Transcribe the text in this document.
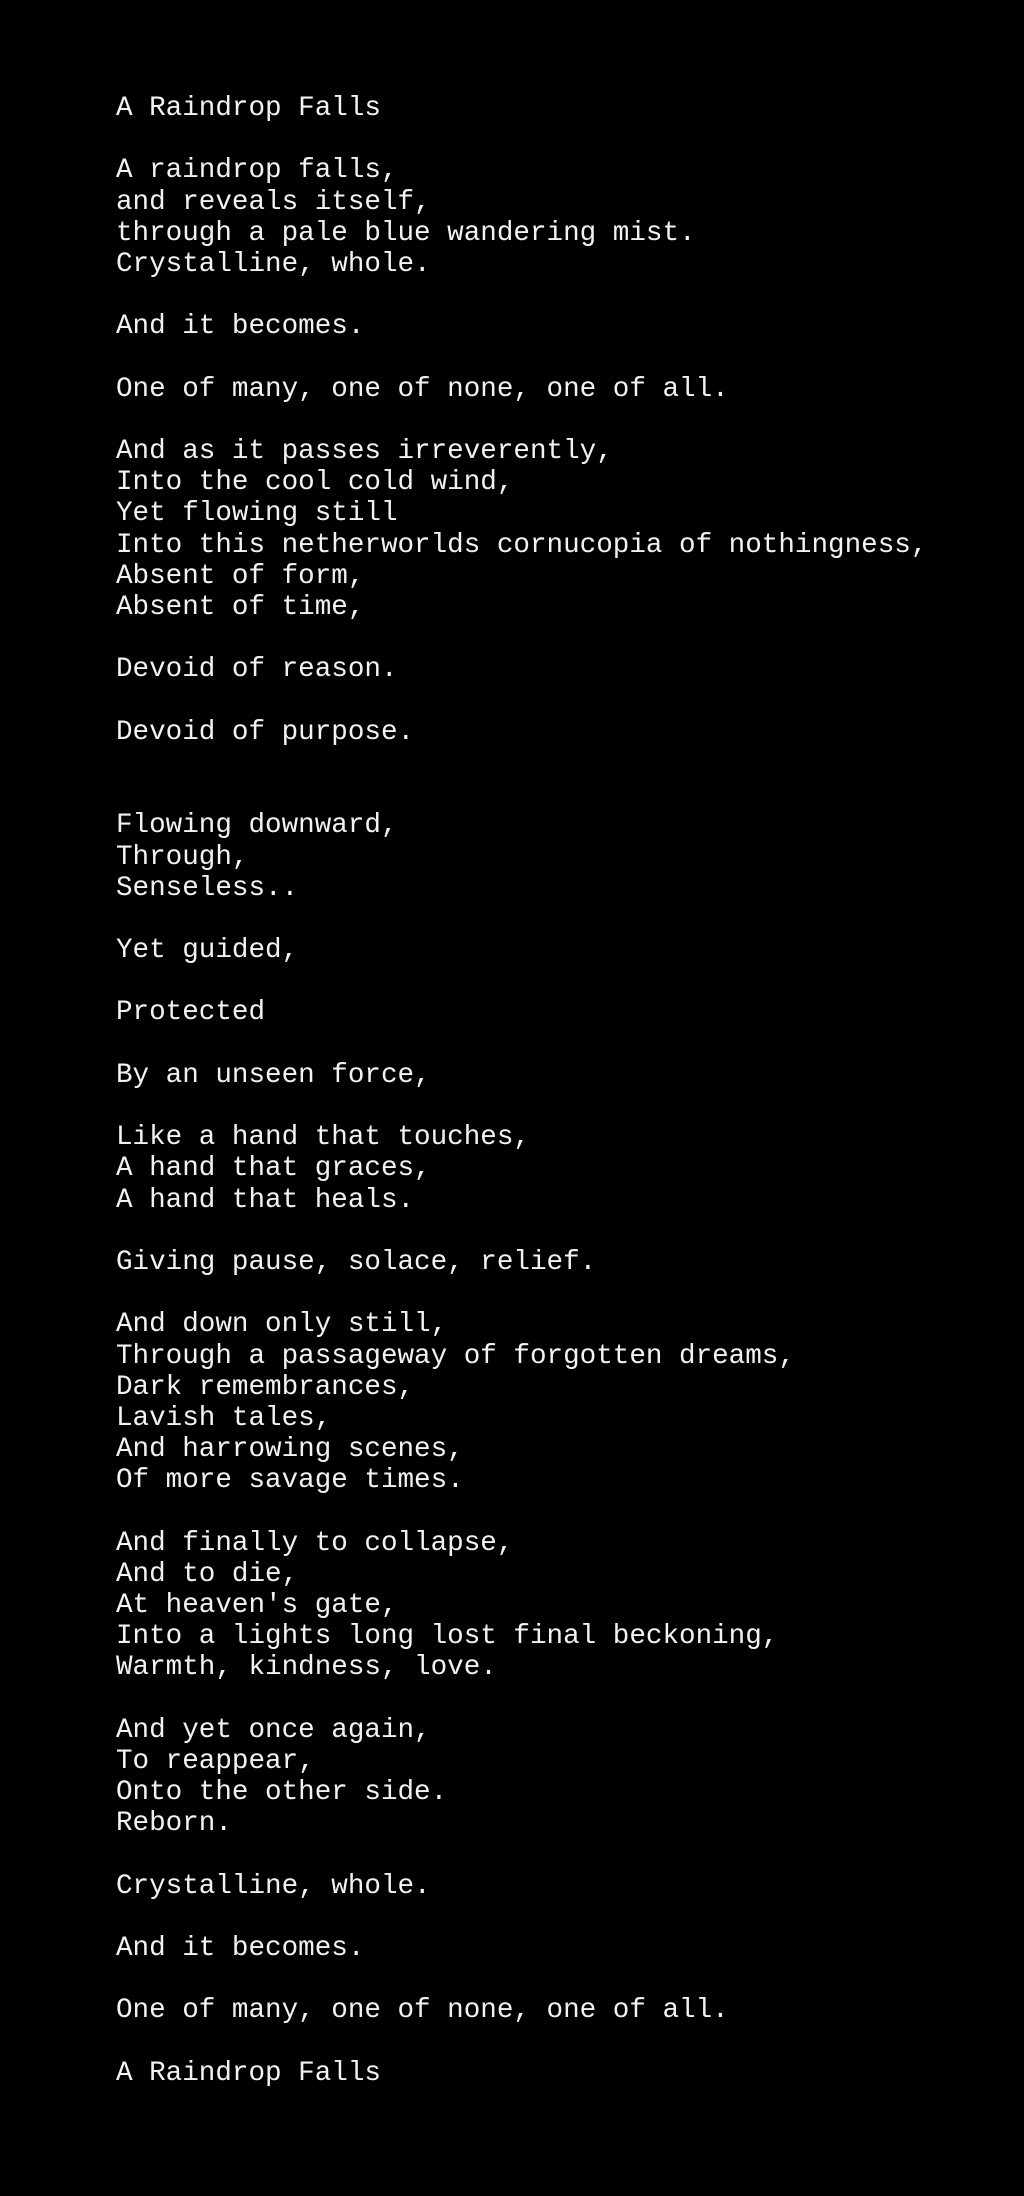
A Raindrop Falls
A raindrop falls,
and reveals itself,
through a pale blue wandering mist.
Crystalline, whole.
And it becomes.
One of many, one of none, one of all.
And as it passes irreverently,
Into the cool cold wind,
Yet flowing still
Into this netherworlds cornucopia of nothingness,
Absent of form,
Absent of time,
Devoid of reason.
Devoid of purpose.
Flowing downward,
Through,
Senseless..
Yet guided,
Protected
By an unseen force,
Like a hand that touches,
A hand that graces,
A hand that heals.
Giving pause, solace, relief.
And down only still,
Through a passageway of forgotten dreams,
Dark remembrances,
Lavish tales,
And harrowing scenes,
Of more savage times.
And finally to collapse,
And to die,
At heaven's gate,
Into a lights long lost final beckoning,
Warmth, kindness, love.
And yet once again,
To reappear,
Onto the other side.
Reborn.
Crystalline, whole.
And it becomes.
One of many, one of none, one of all.
A Raindrop Falls
